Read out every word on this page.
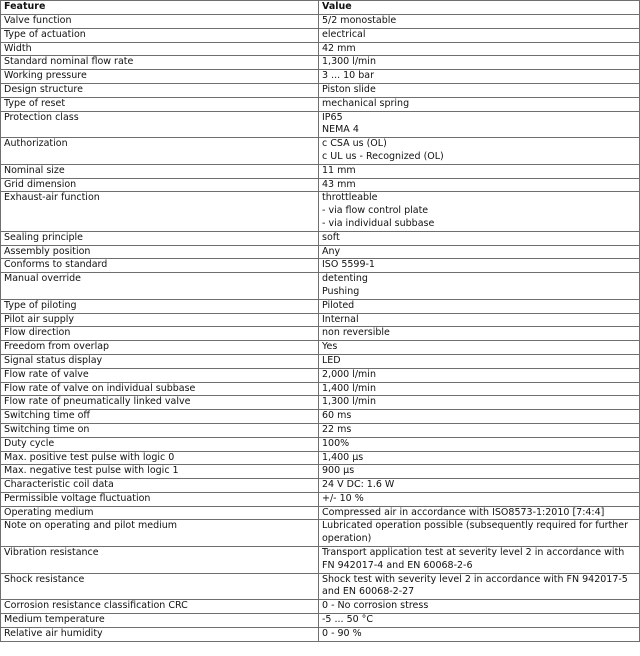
Feature	Value
Valve function	5/2 monostable

Type of actuation	electrical

Width	42 mm

Standard nominal flow rate	1,300 l/min

Working pressure	3 ... 10 bar

Design structure	Piston slide

Type of reset	mechanical spring

Protection class	IP65
NEMA 4

Authorization	c CSA us (OL)
c UL us - Recognized (OL)

Nominal size	11 mm

Grid dimension	43 mm

Exhaust-air function	throttleable
- via flow control plate
- via individual subbase

Sealing principle	soft

Assembly position	Any

Conforms to standard	ISO 5599-1

Manual override	detenting
Pushing

Type of piloting	Piloted

Pilot air supply	Internal

Flow direction	non reversible

Freedom from overlap	Yes

Signal status display	LED

Flow rate of valve	2,000 l/min

Flow rate of valve on individual subbase	1,400 l/min

Flow rate of pneumatically linked valve	1,300 l/min

Switching time off	60 ms

Switching time on	22 ms

Duty cycle	100%

Max. positive test pulse with logic 0	1,400 µs

Max. negative test pulse with logic 1	900 µs

Characteristic coil data	24 V DC: 1.6 W

Permissible voltage fluctuation	+/- 10 %

Operating medium	Compressed air in accordance with ISO8573-1:2010 [7:4:4]

Note on operating and pilot medium	Lubricated operation possible (subsequently required for further operation)

Vibration resistance	Transport application test at severity level 2 in accordance with FN 942017-4 and EN 60068-2-6

Shock resistance	Shock test with severity level 2 in accordance with FN 942017-5 and EN 60068-2-27

Corrosion resistance classification CRC	0 - No corrosion stress

Medium temperature	-5 ... 50 °C

Relative air humidity	0 - 90 %
